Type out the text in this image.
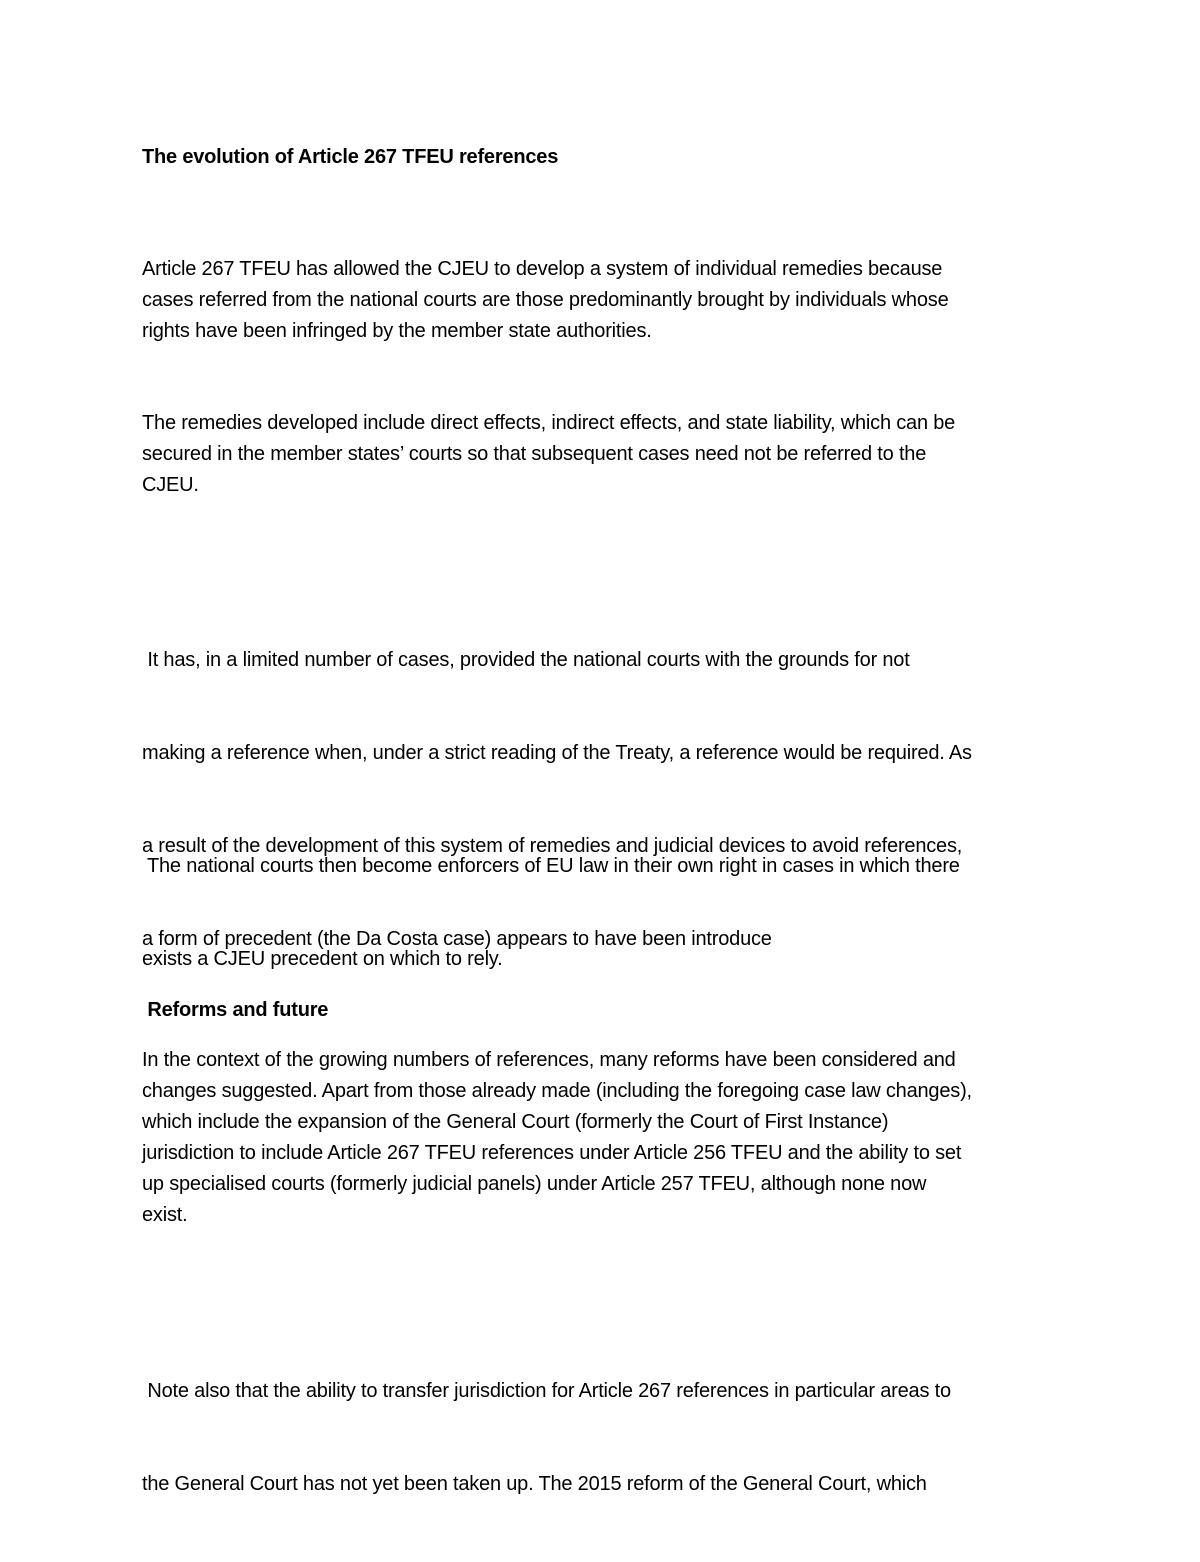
The evolution of Article 267 TFEU references

Article 267 TFEU has allowed the CJEU to develop a system of individual remedies because
cases referred from the national courts are those predominantly brought by individuals whose
rights have been infringed by the member state authorities.

The remedies developed include direct effects, indirect effects, and state liability, which can be
secured in the member states’ courts so that subsequent cases need not be referred to the
CJEU.

It has, in a limited number of cases, provided the national courts with the grounds for not

making a reference when, under a strict reading of the Treaty, a reference would be required. As

a result of the development of this system of remedies and judicial devices to avoid references,

a form of precedent (the Da Costa case) appears to have been introduce

The national courts then become enforcers of EU law in their own right in cases in which there

exists a CJEU precedent on which to rely.

Reforms and future

In the context of the growing numbers of references, many reforms have been considered and
changes suggested. Apart from those already made (including the foregoing case law changes),
which include the expansion of the General Court (formerly the Court of First Instance)
jurisdiction to include Article 267 TFEU references under Article 256 TFEU and the ability to set
up specialised courts (formerly judicial panels) under Article 257 TFEU, although none now
exist.

Note also that the ability to transfer jurisdiction for Article 267 references in particular areas to

the General Court has not yet been taken up. The 2015 reform of the General Court, which
